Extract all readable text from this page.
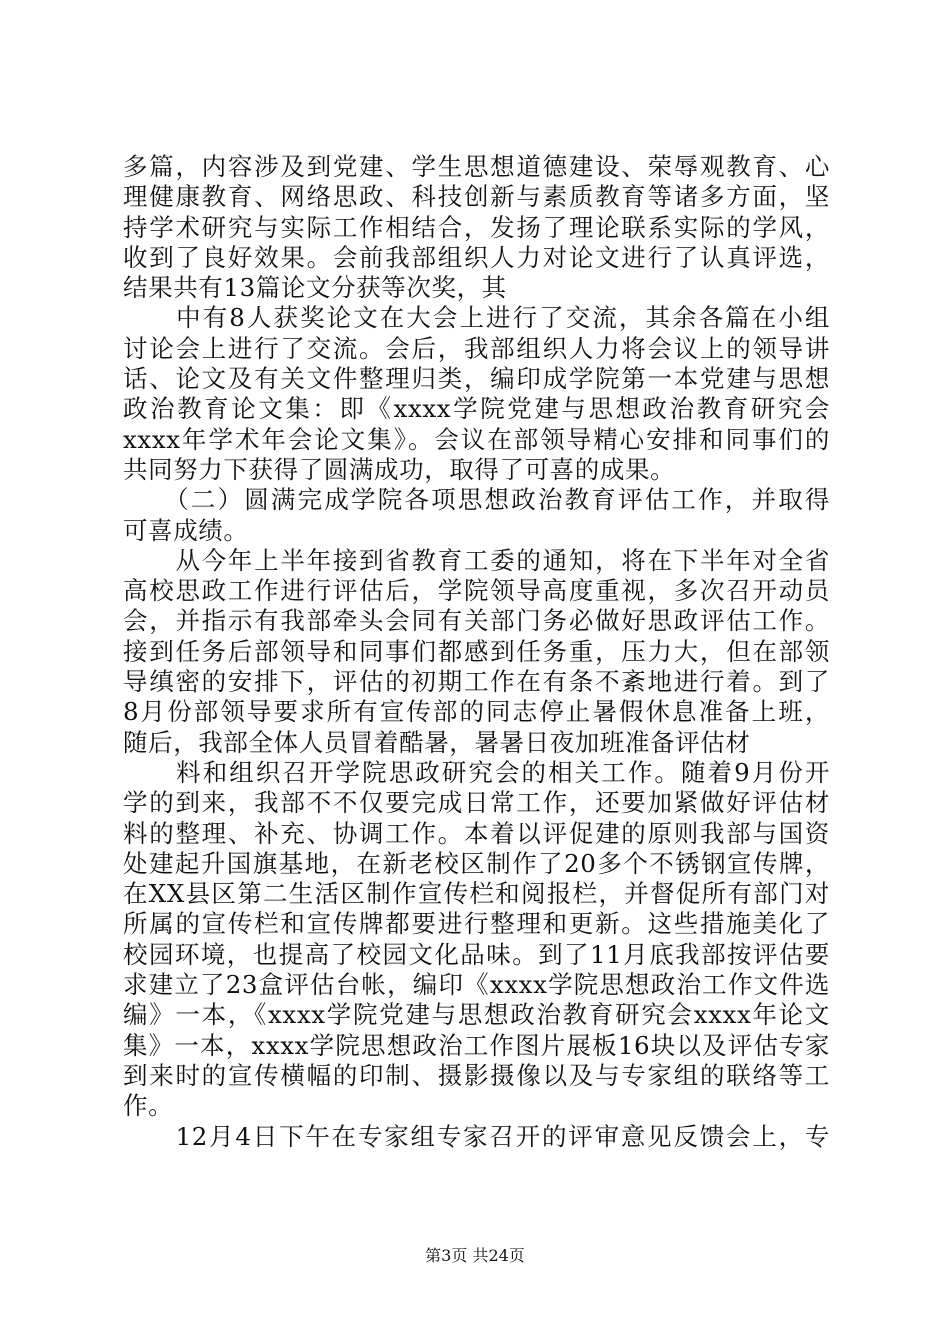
多篇，内容涉及到党建、学生思想道德建设、荣辱观教育、心
理健康教育、网络思政、科技创新与素质教育等诸多方面，坚
持学术研究与实际工作相结合，发扬了理论联系实际的学风，
收到了良好效果。会前我部组织人力对论文进行了认真评选，
结果共有13篇论文分获等次奖，其
　　中有8人获奖论文在大会上进行了交流，其余各篇在小组
讨论会上进行了交流。会后，我部组织人力将会议上的领导讲
话、论文及有关文件整理归类，编印成学院第一本党建与思想
政治教育论文集：即《xxxx学院党建与思想政治教育研究会
xxxx年学术年会论文集》。会议在部领导精心安排和同事们的
共同努力下获得了圆满成功，取得了可喜的成果。
　　（二）圆满完成学院各项思想政治教育评估工作，并取得
可喜成绩。
　　从今年上半年接到省教育工委的通知，将在下半年对全省
高校思政工作进行评估后，学院领导高度重视，多次召开动员
会，并指示有我部牵头会同有关部门务必做好思政评估工作。
接到任务后部领导和同事们都感到任务重，压力大，但在部领
导缜密的安排下，评估的初期工作在有条不紊地进行着。到了
8月份部领导要求所有宣传部的同志停止暑假休息准备上班，
随后，我部全体人员冒着酷暑，暑暑日夜加班准备评估材
　　料和组织召开学院思政研究会的相关工作。随着9月份开
学的到来，我部不不仅要完成日常工作，还要加紧做好评估材
料的整理、补充、协调工作。本着以评促建的原则我部与国资
处建起升国旗基地，在新老校区制作了20多个不锈钢宣传牌，
在XX县区第二生活区制作宣传栏和阅报栏，并督促所有部门对
所属的宣传栏和宣传牌都要进行整理和更新。这些措施美化了
校园环境，也提高了校园文化品味。到了11月底我部按评估要
求建立了23盒评估台帐，编印《xxxx学院思想政治工作文件选
编》一本，《xxxx学院党建与思想政治教育研究会xxxx年论文
集》一本，xxxx学院思想政治工作图片展板16块以及评估专家
到来时的宣传横幅的印制、摄影摄像以及与专家组的联络等工
作。
　　12月4日下午在专家组专家召开的评审意见反馈会上，专
第3页 共24页
